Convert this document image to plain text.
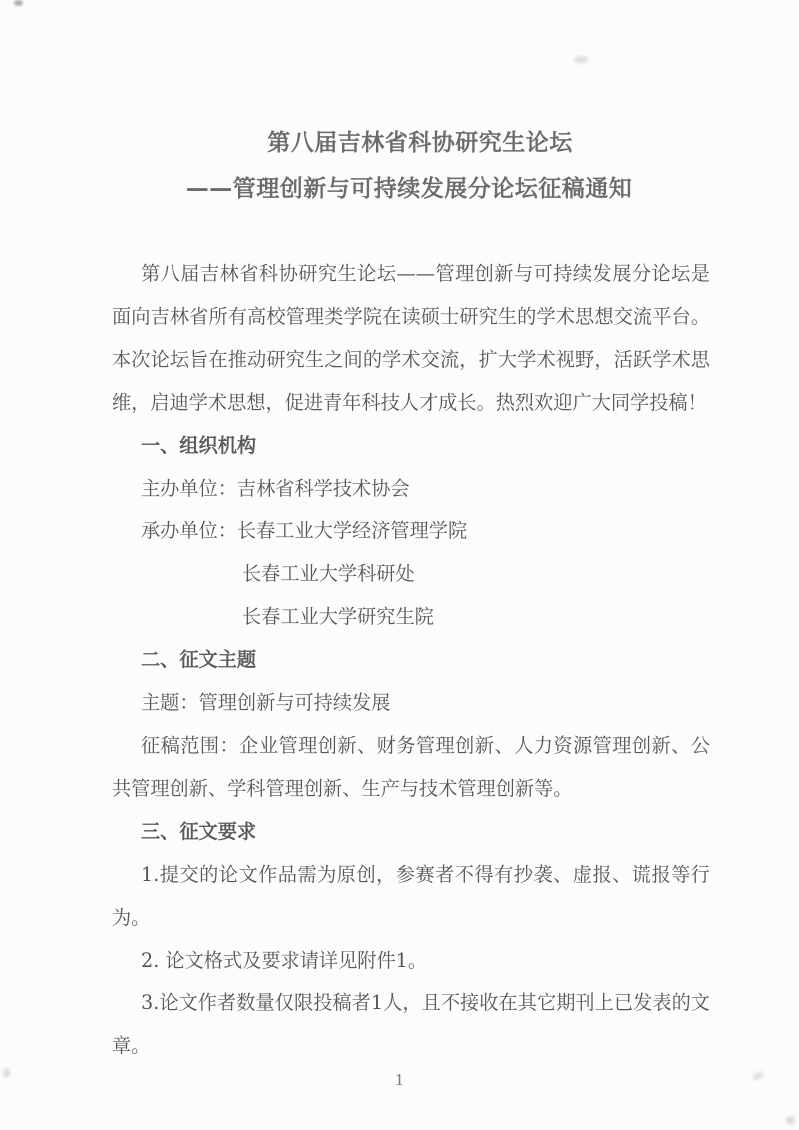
第八届吉林省科协研究生论坛
——管理创新与可持续发展分论坛征稿通知
第八届吉林省科协研究生论坛——管理创新与可持续发展分论坛是面向吉林省所有高校管理类学院在读硕士研究生的学术思想交流平台。本次论坛旨在推动研究生之间的学术交流，扩大学术视野，活跃学术思维，启迪学术思想，促进青年科技人才成长。热烈欢迎广大同学投稿！
一、组织机构
主办单位：吉林省科学技术协会
承办单位：长春工业大学经济管理学院
长春工业大学科研处
长春工业大学研究生院
二、征文主题
主题：管理创新与可持续发展
征稿范围：企业管理创新、财务管理创新、人力资源管理创新、公共管理创新、学科管理创新、生产与技术管理创新等。
三、征文要求
1.提交的论文作品需为原创，参赛者不得有抄袭、虚报、谎报等行为。
2. 论文格式及要求请详见附件1。
3.论文作者数量仅限投稿者1人，且不接收在其它期刊上已发表的文章。
1
